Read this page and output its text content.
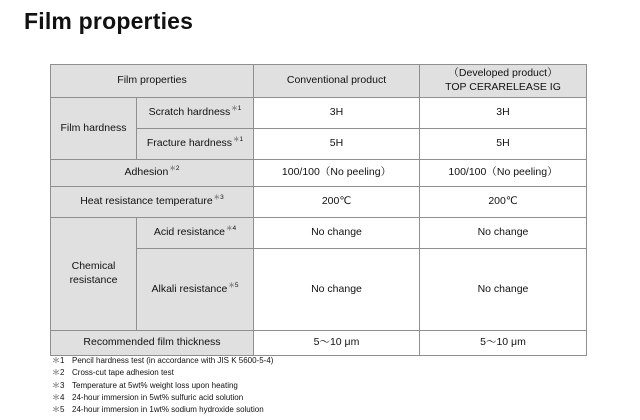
Film properties
Film properties		Conventional product	（Developed product）
TOP CERARELEASE IG
Film hardness	Scratch hardness$^{*1}$	3H	3H
	Fracture hardness$^{*1}$	5H	5H
Adhesion$^{*2}$		100/100（No peeling）	100/100（No peeling）
Heat resistance temperature$^{*3}$		200℃	200℃
Chemical
resistance	Acid resistance$^{*4}$	No change	No change
	Alkali resistance$^{*5}$	No change	No change
Recommended film thickness		5～10 μm	5～10 μm
＊1 Pencil hardness test (in accordance with JIS K 5600-5-4)
＊2 Cross-cut tape adhesion test
＊3 Temperature at 5wt% weight loss upon heating
＊4 24-hour immersion in 5wt% sulfuric acid solution
＊5 24-hour immersion in 1wt% sodium hydroxide solution
